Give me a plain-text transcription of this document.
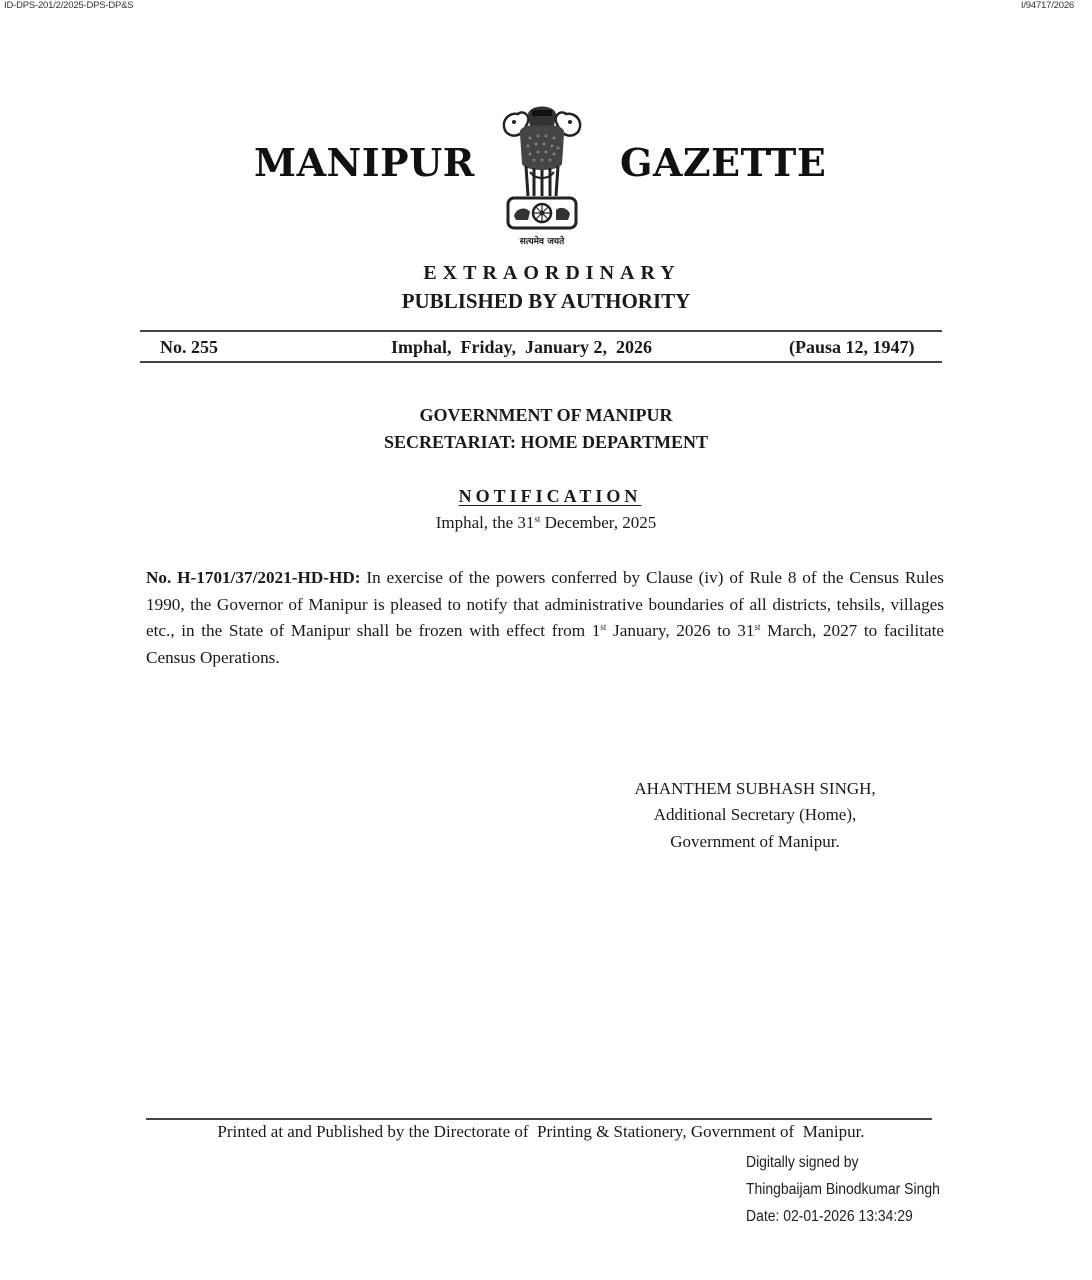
ID-DPS-201/2/2025-DPS-DP&S	I/94717/2026
MANIPUR	GAZETTE
सत्यमेव जयते
EXTRAORDINARY
PUBLISHED BY AUTHORITY
No. 255	Imphal,  Friday,  January 2,  2026	(Pausa 12, 1947)
GOVERNMENT OF MANIPUR
SECRETARIAT: HOME DEPARTMENT
NOTIFICATION
Imphal, the 31st December, 2025
No. H-1701/37/2021-HD-HD: In exercise of the powers conferred by Clause (iv) of Rule 8 of the Census Rules 1990, the Governor of Manipur is pleased to notify that administrative boundaries of all districts, tehsils, villages etc., in the State of Manipur shall be frozen with effect from 1st January, 2026 to 31st March, 2027 to facilitate Census Operations.
AHANTHEM SUBHASH SINGH,
Additional Secretary (Home),
Government of Manipur.
Printed at and Published by the Directorate of  Printing & Stationery, Government of  Manipur.
Digitally signed by
Thingbaijam Binodkumar Singh
Date: 02-01-2026 13:34:29
